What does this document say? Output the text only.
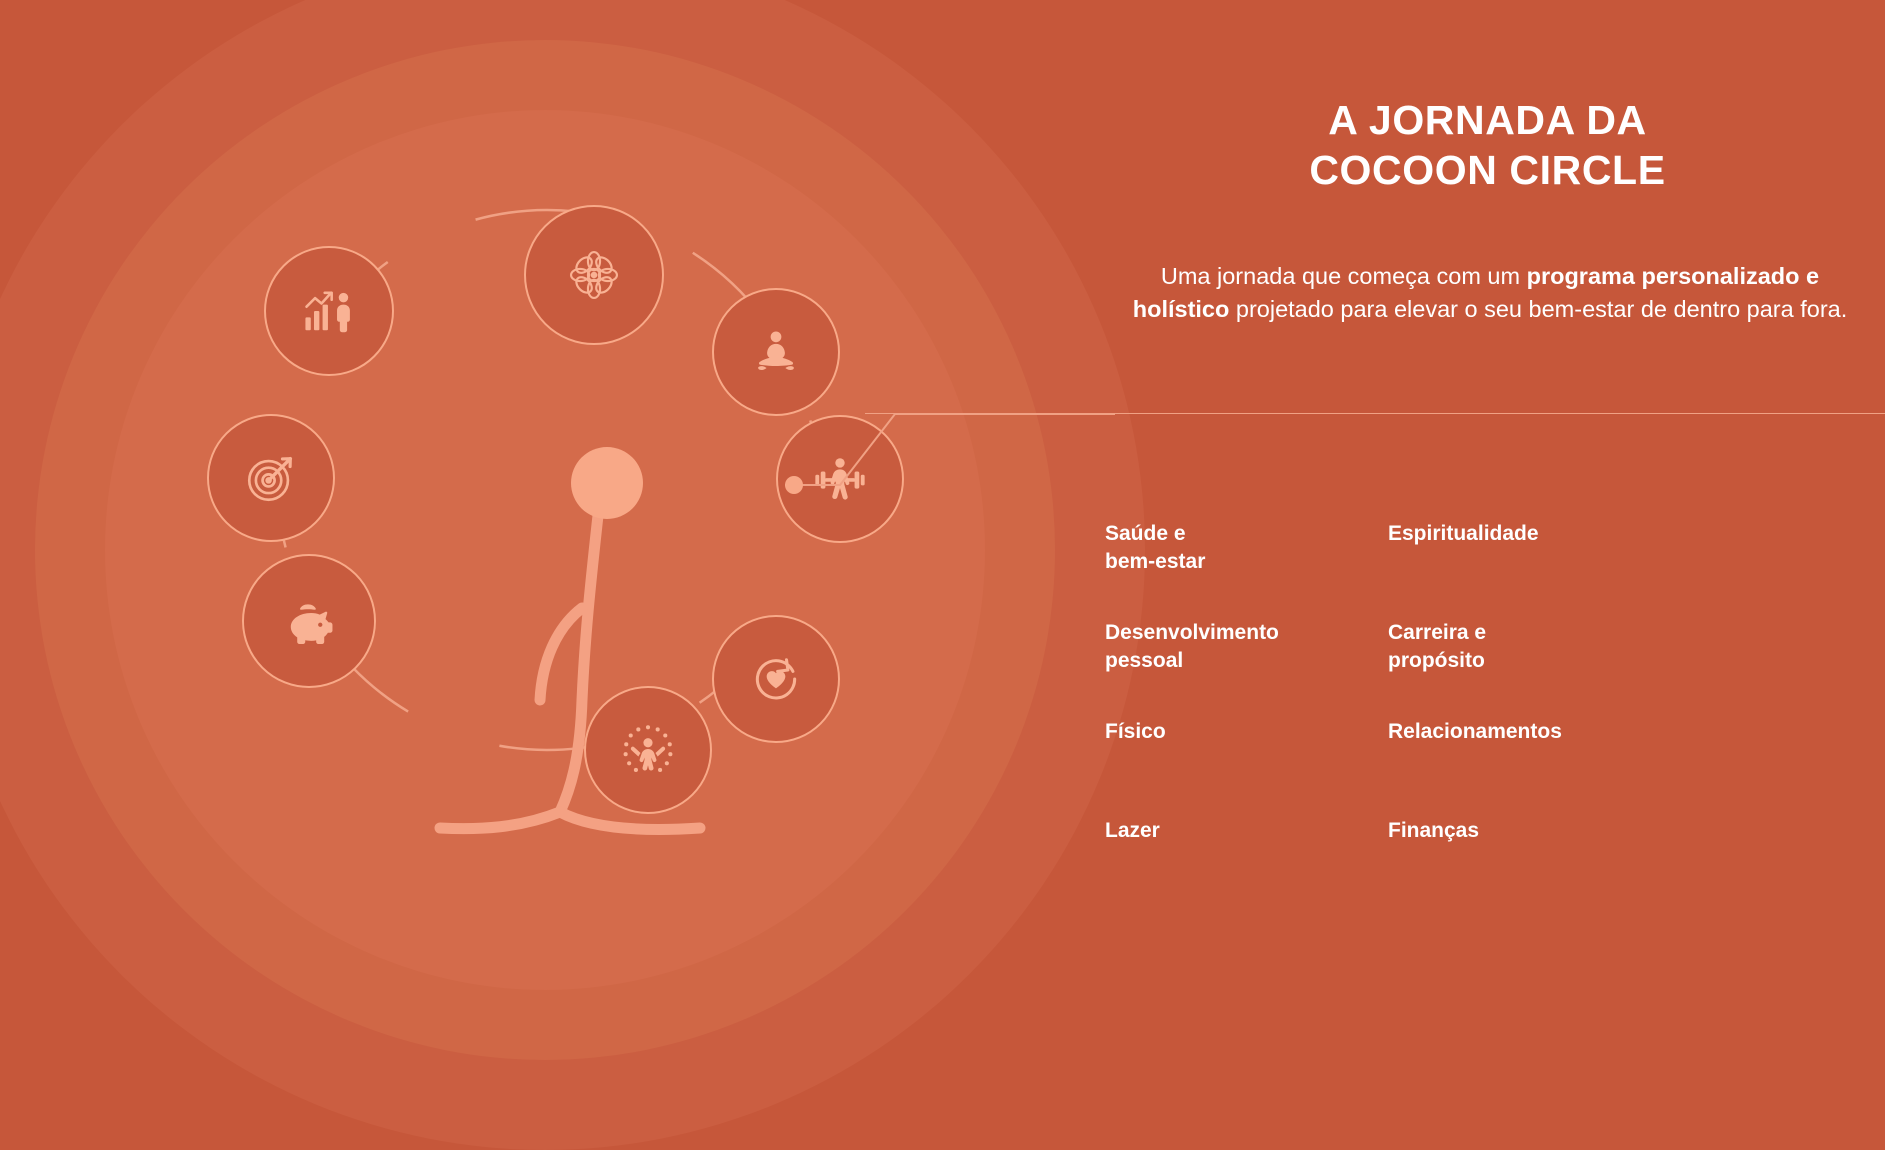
A JORNADA DA
COCOON CIRCLE
Uma jornada que começa com um programa personalizado e holístico projetado para elevar o seu bem-estar de dentro para fora.
Saúde e
bem-estar
Espiritualidade
Desenvolvimento
pessoal
Carreira e
propósito
Físico	Relacionamentos
Lazer	Finanças
